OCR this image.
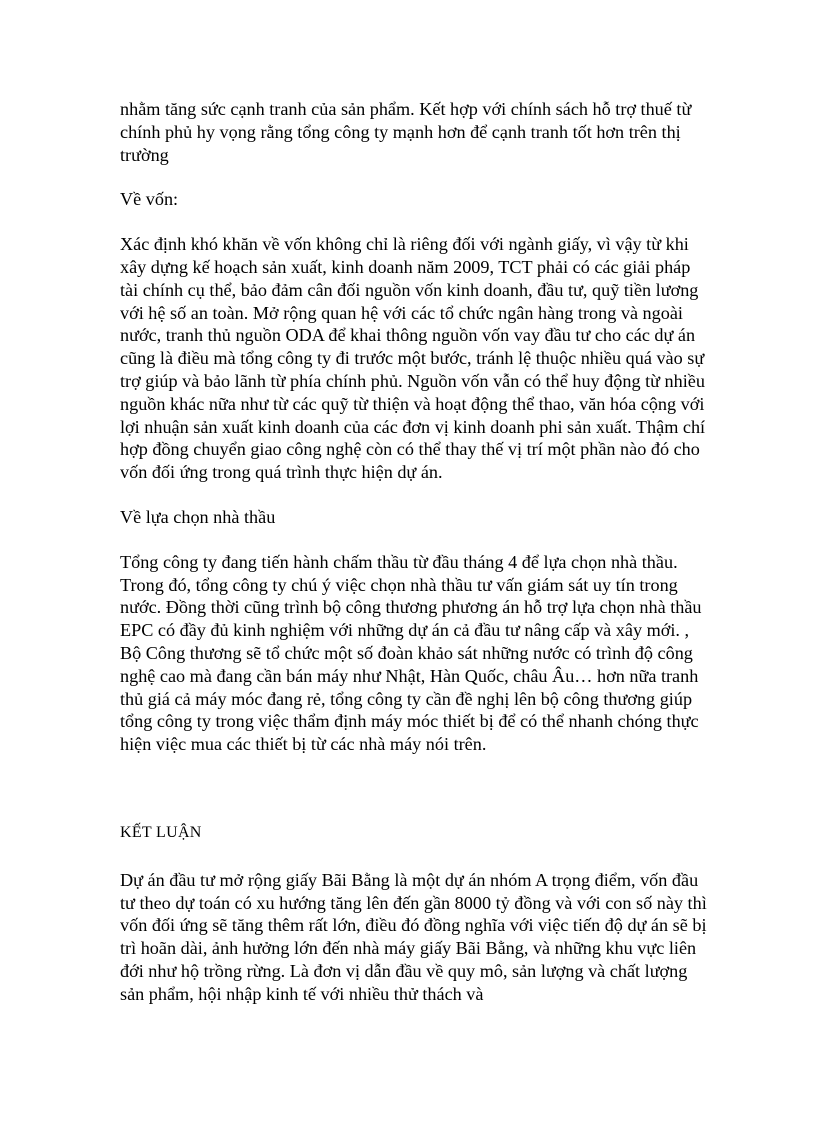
nhằm tăng sức cạnh tranh của sản phẩm. Kết hợp với chính sách hỗ trợ thuế từ chính phủ hy vọng rằng tổng công ty mạnh hơn để cạnh tranh tốt hơn trên thị trường

Về vốn:

Xác định khó khăn về vốn không chỉ là riêng đối với ngành giấy, vì vậy từ khi xây dựng kế hoạch sản xuất, kinh doanh năm 2009, TCT phải có các giải pháp tài chính cụ thể, bảo đảm cân đối nguồn vốn kinh doanh, đầu tư, quỹ tiền lương với hệ số an toàn. Mở rộng quan hệ với các tổ chức ngân hàng trong và ngoài nước, tranh thủ nguồn ODA để khai thông nguồn vốn vay đầu tư cho các dự án cũng là điều mà tổng công ty đi trước một bước, tránh lệ thuộc nhiều quá vào sự trợ giúp và bảo lãnh từ phía chính phủ. Nguồn vốn vẫn có thể huy động từ nhiều nguồn khác nữa như từ các quỹ từ thiện và hoạt động thể thao, văn hóa cộng với lợi nhuận sản xuất kinh doanh của các đơn vị kinh doanh phi sản xuất. Thậm chí hợp đồng chuyển giao công nghệ còn có thể thay thế vị trí một phần nào đó cho vốn đối ứng trong quá trình thực hiện dự án.

Về lựa chọn nhà thầu

Tổng công ty đang tiến hành chấm thầu từ đầu tháng 4 để lựa chọn nhà thầu. Trong đó, tổng công ty chú ý việc chọn nhà thầu tư vấn giám sát uy tín trong nước. Đồng thời cũng trình bộ công thương phương án hỗ trợ lựa chọn nhà thầu EPC có đầy đủ kinh nghiệm với những dự án cả đầu tư nâng cấp và xây mới. , Bộ Công thương sẽ tổ chức một số đoàn khảo sát những nước có trình độ công nghệ cao mà đang cần bán máy như Nhật, Hàn Quốc, châu Âu… hơn nữa tranh thủ giá cả máy móc đang rẻ, tổng công ty cần đề nghị lên bộ công thương giúp tổng công ty trong việc thẩm định máy móc thiết bị để có thể nhanh chóng thực hiện việc mua các thiết bị từ các nhà máy nói trên.

KẾT LUẬN

Dự án đầu tư mở rộng giấy Bãi Bằng là một dự án nhóm A trọng điểm, vốn đầu tư theo dự toán có xu hướng tăng lên đến gần 8000 tỷ đồng và với con số này thì vốn đối ứng sẽ tăng thêm rất lớn, điều đó đồng nghĩa với việc tiến độ dự án sẽ bị trì hoãn dài, ảnh hưởng lớn đến nhà máy giấy Bãi Bằng, và những khu vực liên đới như hộ trồng rừng. Là đơn vị dẫn đầu về quy mô, sản lượng và chất lượng sản phẩm, hội nhập kinh tế với nhiều thử thách và
